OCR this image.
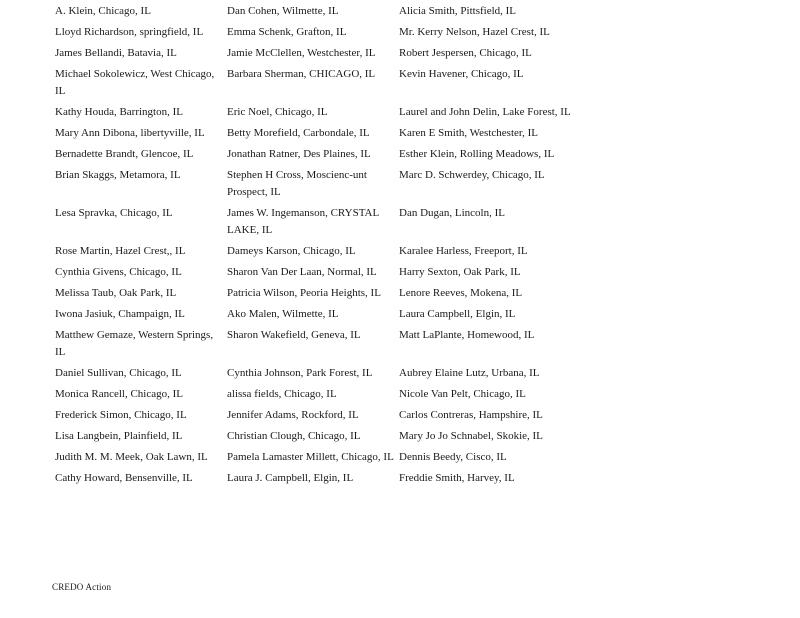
A. Klein, Chicago, IL	Dan Cohen, Wilmette, IL	Alicia Smith, Pittsfield, IL
Lloyd Richardson, springfield, IL	Emma Schenk, Grafton, IL	Mr. Kerry Nelson, Hazel Crest, IL
James Bellandi, Batavia, IL	Jamie McClellen, Westchester, IL	Robert Jespersen, Chicago, IL
Michael Sokolewicz, West Chicago, IL	Barbara Sherman, CHICAGO, IL	Kevin Havener, Chicago, IL
Kathy Houda, Barrington, IL	Eric Noel, Chicago, IL	Laurel and John Delin, Lake Forest, IL
Mary Ann Dibona, libertyville, IL	Betty Morefield, Carbondale, IL	Karen E Smith, Westchester, IL
Bernadette Brandt, Glencoe, IL	Jonathan Ratner, Des Plaines, IL	Esther Klein, Rolling Meadows, IL
Brian Skaggs, Metamora, IL	Stephen H Cross, Moscienc-unt Prospect, IL	Marc D. Schwerdey, Chicago, IL
Lesa Spravka, Chicago, IL	James W. Ingemanson, CRYSTAL LAKE, IL	Dan Dugan, Lincoln, IL
Rose Martin, Hazel Crest,, IL	Dameys Karson, Chicago, IL	Karalee Harless, Freeport, IL
Cynthia Givens, Chicago, IL	Sharon Van Der Laan, Normal, IL	Harry Sexton, Oak Park, IL
Melissa Taub, Oak Park, IL	Patricia Wilson, Peoria Heights, IL	Lenore Reeves, Mokena, IL
Iwona Jasiuk, Champaign, IL	Ako Malen, Wilmette, IL	Laura Campbell, Elgin, IL
Matthew Gemaze, Western Springs, IL	Sharon Wakefield, Geneva, IL	Matt LaPlante, Homewood, IL
Daniel Sullivan, Chicago, IL	Cynthia Johnson, Park Forest, IL	Aubrey Elaine Lutz, Urbana, IL
Monica Rancell, Chicago, IL	alissa fields, Chicago, IL	Nicole Van Pelt, Chicago, IL
Frederick Simon, Chicago, IL	Jennifer Adams, Rockford, IL	Carlos Contreras, Hampshire, IL
Lisa Langbein, Plainfield, IL	Christian Clough, Chicago, IL	Mary Jo Jo Schnabel, Skokie, IL
Judith M. M. Meek, Oak Lawn, IL	Pamela Lamaster Millett, Chicago, IL	Dennis Beedy, Cisco, IL
Cathy Howard, Bensenville, IL	Laura J. Campbell, Elgin, IL	Freddie Smith, Harvey, IL
CREDO Action
